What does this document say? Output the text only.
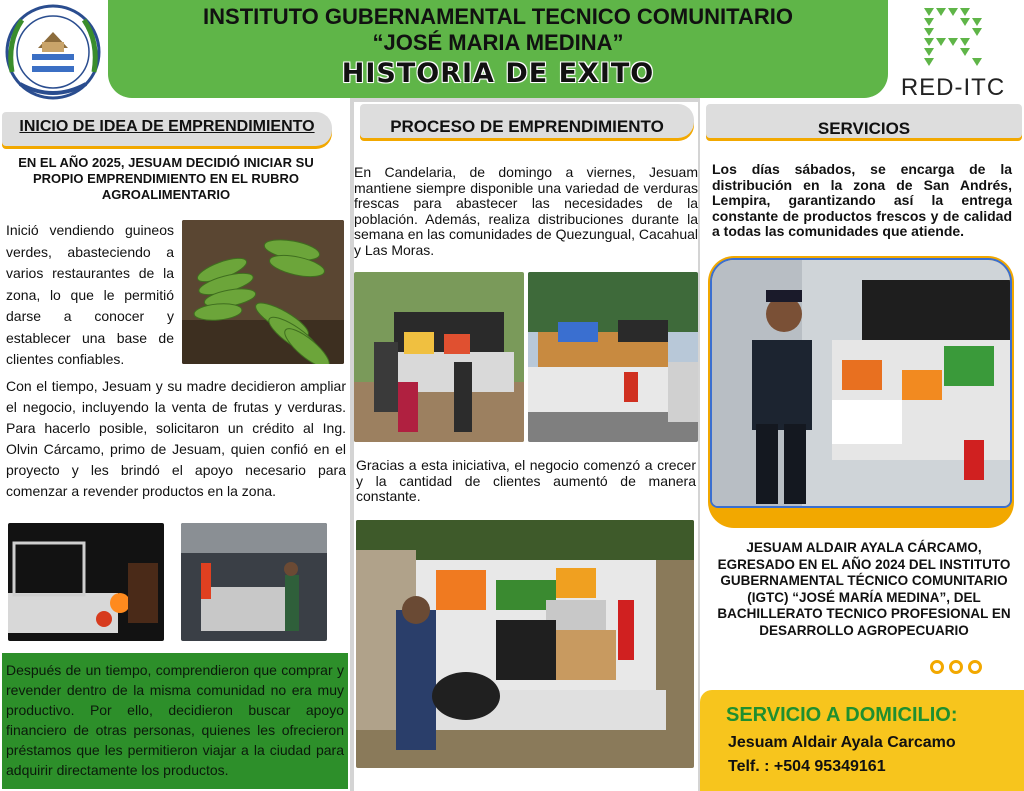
INSTITUTO GUBERNAMENTAL TECNICO COMUNITARIO
“JOSÉ MARIA MEDINA”
HISTORIA DE EXITO	RED-ITC
INICIO DE IDEA DE EMPRENDIMIENTO
EN EL AÑO 2025, JESUAM DECIDIÓ INICIAR SU PROPIO EMPRENDIMIENTO EN EL RUBRO AGROALIMENTARIO
Inició vendiendo guineos verdes, abasteciendo a varios restaurantes de la zona, lo que le permitió darse a conocer y establecer una base de clientes confiables.
Con el tiempo, Jesuam y su madre decidieron ampliar el negocio, incluyendo la venta de frutas y verduras. Para hacerlo posible, solicitaron un crédito al Ing. Olvin Cárcamo, primo de Jesuam, quien confió en el proyecto y les brindó el apoyo necesario para comenzar a revender productos en la zona.
Después de un tiempo, comprendieron que comprar y revender dentro de la misma comunidad no era muy productivo. Por ello, decidieron buscar apoyo financiero de otras personas, quienes les ofrecieron préstamos que les permitieron viajar a la ciudad para adquirir directamente los productos.
PROCESO DE EMPRENDIMIENTO
En Candelaria, de domingo a viernes, Jesuam mantiene siempre disponible una variedad de verduras frescas para abastecer las necesidades de la población. Además, realiza distribuciones durante la semana en las comunidades de Quezungual, Cacahual y Las Moras.
Gracias a esta iniciativa, el negocio comenzó a crecer y la cantidad de clientes aumentó de manera constante.
SERVICIOS
Los días sábados, se encarga de la distribución en la zona de San Andrés, Lempira, garantizando así la entrega constante de productos frescos y de calidad a todas las comunidades que atiende.
JESUAM ALDAIR AYALA CÁRCAMO, EGRESADO EN EL AÑO 2024 DEL INSTITUTO GUBERNAMENTAL TÉCNICO COMUNITARIO (IGTC) “JOSÉ MARÍA MEDINA”, DEL BACHILLERATO TECNICO PROFESIONAL EN DESARROLLO AGROPECUARIO
SERVICIO A DOMICILIO:
Jesuam Aldair Ayala Carcamo
Telf. : +504 95349161
